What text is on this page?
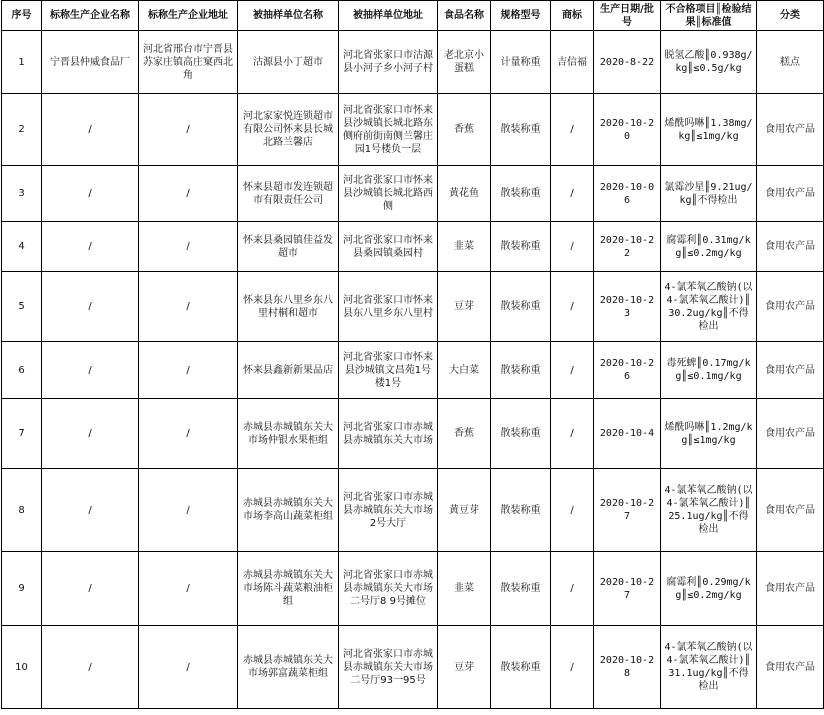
序号	标称生产企业名称	标称生产企业地址	被抽样单位名称	被抽样单位地址	食品名称	规格型号	商标	生产日期/批号	不合格项目║检验结果║标准值	分类
1	宁晋县仲威食品厂	河北省邢台市宁晋县苏家庄镇高庄窠西北角	沽源县小丁超市	河北省张家口市沽源县小河子乡小河子村	老北京小蛋糕	计量称重	吉信福	2020-8-22	脱氢乙酸║0.938g/kg║≤0.5g/kg	糕点
2	/	/	河北家家悦连锁超市有限公司怀来县长城北路兰馨店	河北省张家口市怀来县沙城镇长城北路东侧府前街南侧兰馨庄园1号楼负一层	香蕉	散装称重	/	2020-10-20	烯酰吗啉║1.38mg/kg║≤1mg/kg	食用农产品
3	/	/	怀来县超市发连锁超市有限责任公司	河北省张家口市怀来县沙城镇长城北路西侧	黄花鱼	散装称重	/	2020-10-06	氯霉沙星║9.21ug/kg║不得检出	食用农产品
4	/	/	怀来县桑园镇佳益发超市	河北省张家口市怀来县桑园镇桑园村	韭菜	散装称重	/	2020-10-22	腐霉利║0.31mg/kg║≤0.2mg/kg	食用农产品
5	/	/	怀来县东八里乡东八里村桐和超市	河北省张家口市怀来县东八里乡东八里村	豆芽	散装称重	/	2020-10-23	4-氯苯氧乙酸钠(以4-氯苯氧乙酸计)║30.2ug/kg║不得检出	食用农产品
6	/	/	怀来县鑫新新果品店	河北省张家口市怀来县沙城镇文昌苑1号楼1号	大白菜	散装称重	/	2020-10-26	毒死蜱║0.17mg/kg║≤0.1mg/kg	食用农产品
7	/	/	赤城县赤城镇东关大市场仲银水果柜组	河北省张家口市赤城县赤城镇东关大市场	香蕉	散装称重	/	2020-10-4	烯酰吗啉║1.2mg/kg║≤1mg/kg	食用农产品
8	/	/	赤城县赤城镇东关大市场李高山蔬菜柜组	河北省张家口市赤城县赤城镇东关大市场2号大厅	黄豆芽	散装称重	/	2020-10-27	4-氯苯氧乙酸钠(以4-氯苯氧乙酸计)║25.1ug/kg║不得检出	食用农产品
9	/	/	赤城县赤城镇东关大市场陈斗蔬菜粮油柜组	河北省张家口市赤城县赤城镇东关大市场二号厅8 9号摊位	韭菜	散装称重	/	2020-10-27	腐霉利║0.29mg/kg║≤0.2mg/kg	食用农产品
10	/	/	赤城县赤城镇东关大市场郭富蔬菜柜组	河北省张家口市赤城县赤城镇东关大市场二号厅93一95号	豆芽	散装称重	/	2020-10-28	4-氯苯氧乙酸钠(以4-氯苯氧乙酸计)║31.1ug/kg║不得检出	食用农产品
